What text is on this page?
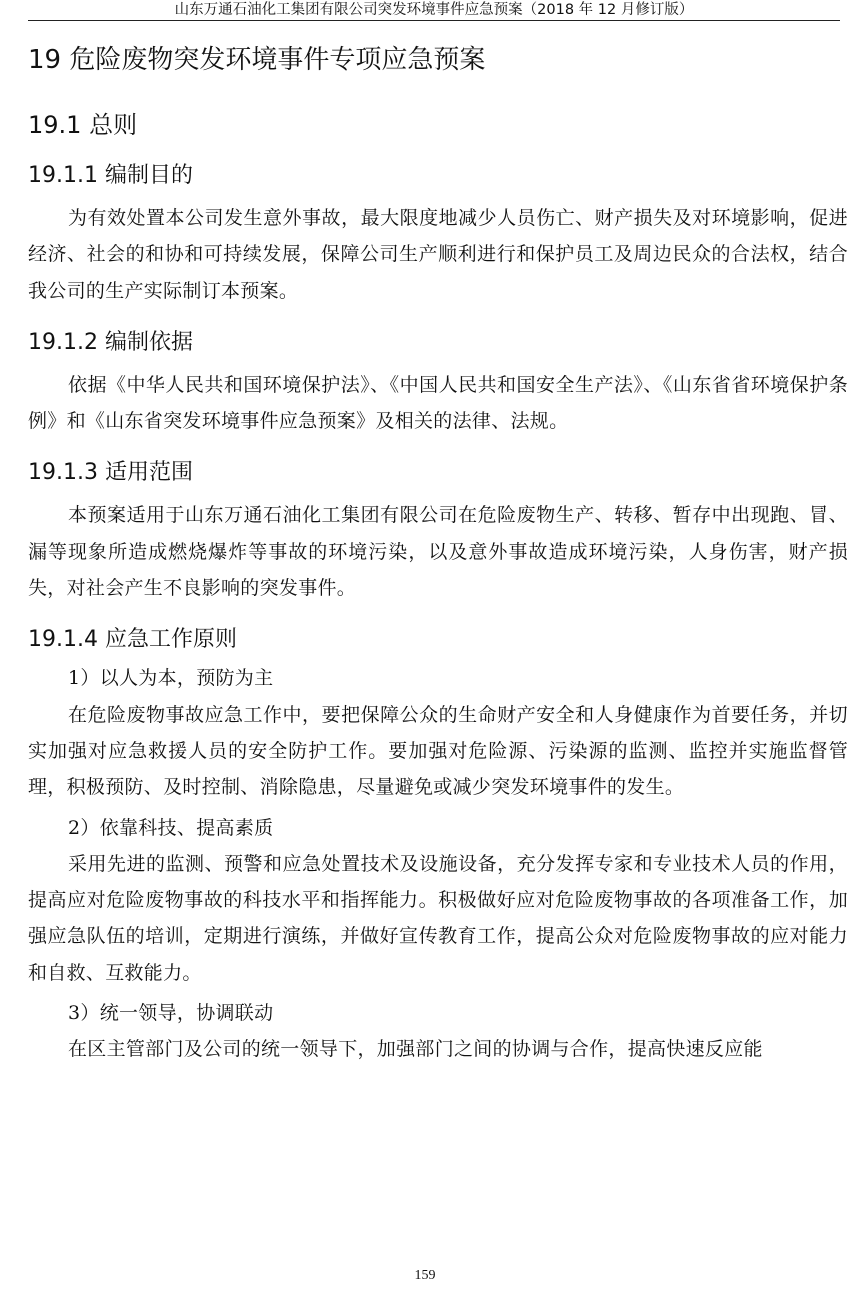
山东万通石油化工集团有限公司突发环境事件应急预案（2018 年 12 月修订版）
19 危险废物突发环境事件专项应急预案
19.1 总则
19.1.1 编制目的

为有效处置本公司发生意外事故，最大限度地减少人员伤亡、财产损失及对环境影响，促进经济、社会的和协和可持续发展，保障公司生产顺利进行和保护员工及周边民众的合法权，结合我公司的生产实际制订本预案。

19.1.2 编制依据

依据《中华人民共和国环境保护法》、《中国人民共和国安全生产法》、《山东省省环境保护条例》和《山东省突发环境事件应急预案》及相关的法律、法规。

19.1.3 适用范围

本预案适用于山东万通石油化工集团有限公司在危险废物生产、转移、暂存中出现跑、冒、漏等现象所造成燃烧爆炸等事故的环境污染，以及意外事故造成环境污染，人身伤害，财产损失，对社会产生不良影响的突发事件。

19.1.4 应急工作原则
1）以人为本，预防为主

在危险废物事故应急工作中，要把保障公众的生命财产安全和人身健康作为首要任务，并切实加强对应急救援人员的安全防护工作。要加强对危险源、污染源的监测、监控并实施监督管理，积极预防、及时控制、消除隐患，尽量避免或减少突发环境事件的发生。

2）依靠科技、提高素质

采用先进的监测、预警和应急处置技术及设施设备，充分发挥专家和专业技术人员的作用，提高应对危险废物事故的科技水平和指挥能力。积极做好应对危险废物事故的各项准备工作，加强应急队伍的培训，定期进行演练，并做好宣传教育工作，提高公众对危险废物事故的应对能力和自救、互救能力。

3）统一领导，协调联动

在区主管部门及公司的统一领导下，加强部门之间的协调与合作，提高快速反应能

159
